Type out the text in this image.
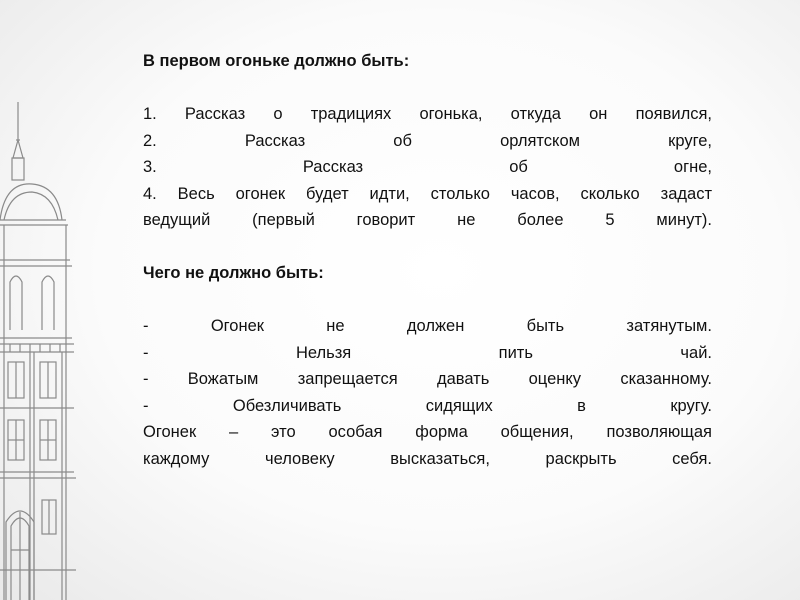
В первом огоньке должно быть:

1. Рассказ о традициях огонька, откуда он появился,
2. Рассказ об орлятском круге,
3. Рассказ об огне,
4. Весь огонек будет идти, столько часов, сколько задаст
ведущий (первый говорит не более 5 минут).

Чего не должно быть:

- Огонек не должен быть затянутым.
- Нельзя пить чай.
- Вожатым запрещается давать оценку сказанному.
- Обезличивать сидящих в кругу.
Огонек – это особая форма общения, позволяющая
каждому человеку высказаться, раскрыть себя.
